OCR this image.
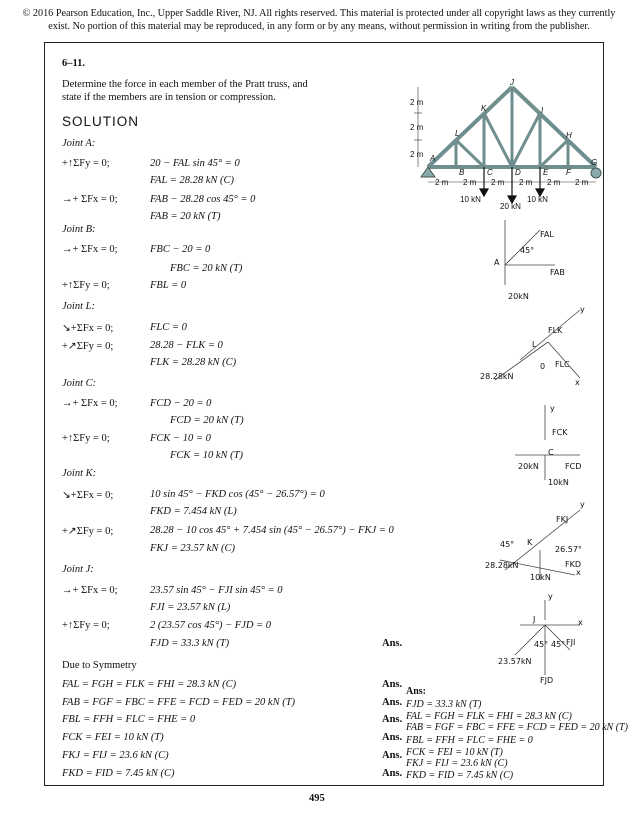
© 2016 Pearson Education, Inc., Upper Saddle River, NJ. All rights reserved. This material is protected under all copyright laws as they currently exist. No portion of this material may be reproduced, in any form or by any means, without permission in writing from the publisher.
6–11.
Determine the force in each member of the Pratt truss, and
state if the members are in tension or compression.
SOLUTION
Joint A:
+↑ΣFy = 0;	20 − FAL sin 45° = 0
FAL = 28.28 kN (C)
→+ ΣFx = 0;	FAB − 28.28 cos 45° = 0
FAB = 20 kN (T)
Joint B:
→+ ΣFx = 0;	FBC − 20 = 0
FBC = 20 kN (T)
+↑ΣFy = 0;	FBL = 0
Joint L:
↘+ΣFx = 0;	FLC = 0
+↗ΣFy = 0;	28.28 − FLK = 0
FLK = 28.28 kN (C)
Joint C:
→+ ΣFx = 0;	FCD − 20 = 0
FCD = 20 kN (T)
+↑ΣFy = 0;	FCK − 10 = 0
FCK = 10 kN (T)
Joint K:
↘+ΣFx = 0;	10 sin 45° − FKD cos (45° − 26.57°) = 0
FKD = 7.454 kN (L)
+↗ΣFy = 0;	28.28 − 10 cos 45° + 7.454 sin (45° − 26.57°) − FKJ = 0
FKJ = 23.57 kN (C)
Joint J:
→+ ΣFx = 0;	23.57 sin 45° − FJI sin 45° = 0
FJI = 23.57 kN (L)
+↑ΣFy = 0;	2 (23.57 cos 45°) − FJD = 0
FJD = 33.3 kN (T)	Ans.
Due to Symmetry
FAL = FGH = FLK = FHI = 28.3 kN (C)	Ans.
FAB = FGF = FBC = FFE = FCD = FED = 20 kN (T)	Ans.
FBL = FFH = FLC = FHE = 0	Ans.
FCK = FEI = 10 kN (T)	Ans.
FKJ = FIJ = 23.6 kN (C)	Ans.
FKD = FID = 7.45 kN (C)	Ans.
Ans:
FJD = 33.3 kN (T)
FAL = FGH = FLK = FHI = 28.3 kN (C)
FAB = FGF = FBC = FFE = FCD = FED = 20 kN (T)
FBL = FFH = FLC = FHE = 0
FCK = FEI = 10 kN (T)
FKJ = FIJ = 23.6 kN (C)
FKD = FID = 7.45 kN (C)
2 m
2 m
2 m
2 m 2 m 2 m 2 m 2 m 2 m
A
L
K
J
I
H
G
B	C	D	E F
10 kN
20 kN
10 kN
FAL
45°
A
FAB
20kN
y
x
FLK
L
28.28kN
0 FLC
y
FCK
C
20kN	FCD
10kN
y
FKJ
x
K
45°
26.57°
28.28kN	FKD
10kN
y
x
J
45° 45° FJI
23.57kN
FJD
495
